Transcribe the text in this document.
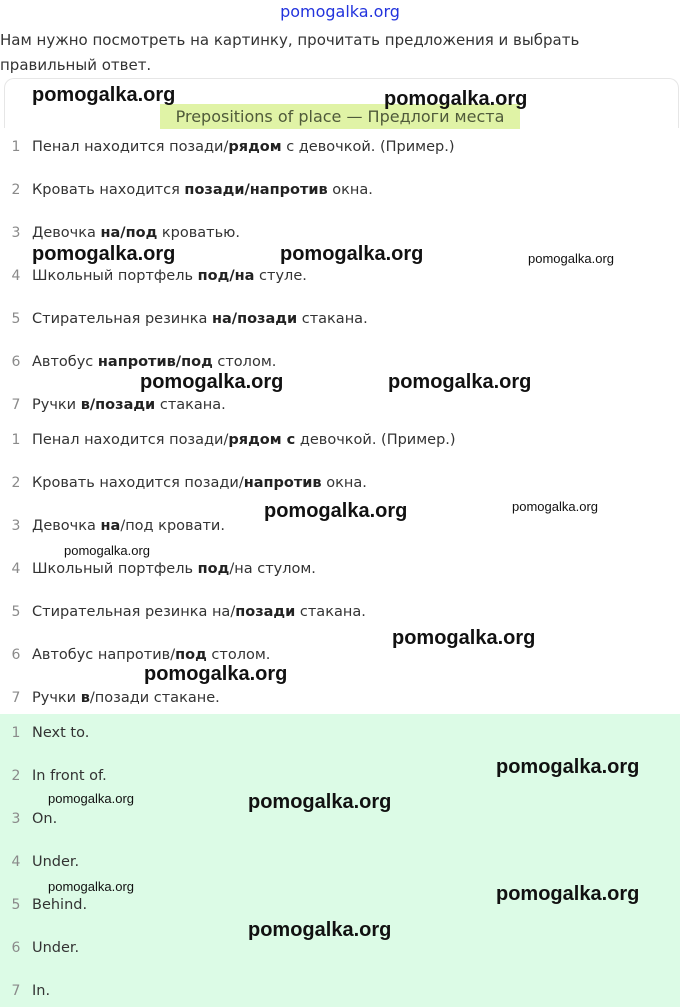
pomogalka.org
Нам нужно посмотреть на картинку, прочитать предложения и выбрать правильный ответ.
Prepositions of place — Предлоги места
1 Пенал находится позади/рядом с девочкой. (Пример.)
2 Кровать находится позади/напротив окна.
3 Девочка на/под кроватью.
4 Школьный портфель под/на стуле.
5 Стирательная резинка на/позади стакана.
6 Автобус напротив/под столом.
7 Ручки в/позади стакана.
1 Пенал находится позади/рядом с девочкой. (Пример.)
2 Кровать находится позади/напротив окна.
3 Девочка на/под кровати.
4 Школьный портфель под/на стулом.
5 Стирательная резинка на/позади стакана.
6 Автобус напротив/под столом.
7 Ручки в/позади стакане.
1 Next to.
2 In front of.
3 On.
4 Under.
5 Behind.
6 Under.
7 In.
pomogalka.org	pomogalka.org
pomogalka.org	pomogalka.org	pomogalka.org
pomogalka.org	pomogalka.org
pomogalka.org	pomogalka.org
pomogalka.org
pomogalka.org
pomogalka.org
pomogalka.org
pomogalka.org	pomogalka.org
pomogalka.org	pomogalka.org
pomogalka.org
